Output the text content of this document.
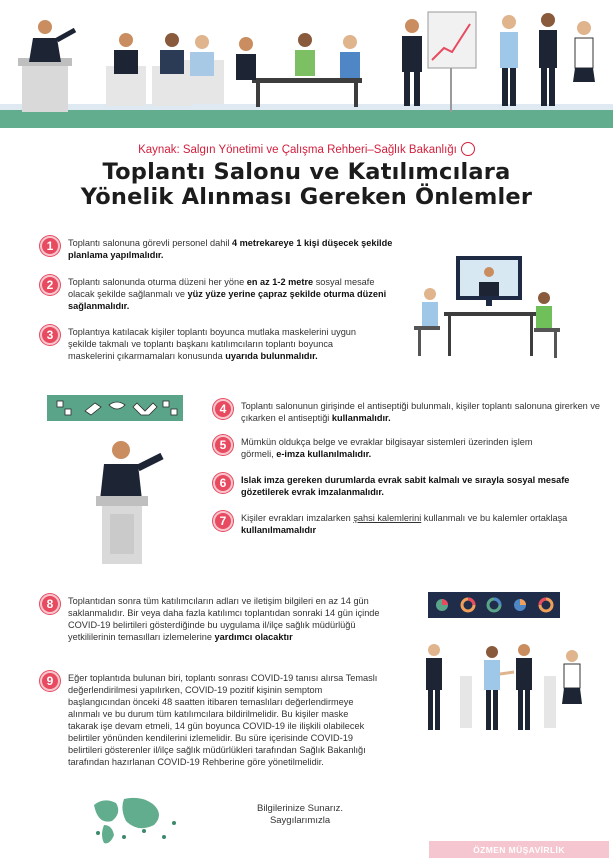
Kaynak: Salgın Yönetimi ve Çalışma Rehberi–Sağlık Bakanlığı
Toplantı Salonu ve Katılımcılara
Yönelik Alınması Gereken Önlemler
1	Toplantı salonuna görevli personel dahil 4 metrekareye 1 kişi düşecek şekilde planlama yapılmalıdır.
2	Toplantı salonunda oturma düzeni her yöne en az 1-2 metre sosyal mesafe olacak şekilde sağlanmalı ve yüz yüze yerine çapraz şekilde oturma düzeni sağlanmalıdır.
3	Toplantıya katılacak kişiler toplantı boyunca mutlaka maskelerini uygun şekilde takmalı ve toplantı başkanı katılımcıların toplantı boyunca maskelerini çıkarmamaları konusunda uyarıda bulunmalıdır.
4	Toplantı salonunun girişinde el antiseptiği bulunmalı, kişiler toplantı salonuna girerken ve çıkarken el antiseptiği kullanmalıdır.
5	Mümkün oldukça belge ve evraklar bilgisayar sistemleri üzerinden işlem görmeli, e-imza kullanılmalıdır.
6	Islak imza gereken durumlarda evrak sabit kalmalı ve sırayla sosyal mesafe gözetilerek evrak imzalanmalıdır.
7	Kişiler evrakları imzalarken şahsi kalemlerini kullanmalı ve bu kalemler ortaklaşa kullanılmamalıdır
8	Toplantıdan sonra tüm katılımcıların adları ve iletişim bilgileri en az 14 gün saklanmalıdır. Bir veya daha fazla katılımcı toplantıdan sonraki 14 gün içinde COVID-19 belirtileri gösterdiğinde bu uygulama il/ilçe sağlık müdürlüğü yetkililerinin temasılları izlemelerine yardımcı olacaktır
9	Eğer toplantıda bulunan biri, toplantı sonrası COVID-19 tanısı alırsa Temaslı değerlendirilmesi yapılırken, COVID-19 pozitif kişinin semptom başlangıcından önceki 48 saatten itibaren temaslıları değerlendirmeye alınmalı ve bu durum tüm katılımcılara bildirilmelidir. Bu kişiler maske takarak işe devam etmeli, 14 gün boyunca COVID-19 ile ilişkili olabilecek belirtiler yönünden kendilerini izlemelidir. Bu süre içerisinde COVID-19 belirtileri gösterenler il/ilçe sağlık müdürlükleri tarafından Sağlık Bakanlığı tarafından hazırlanan COVID-19 Rehberine göre yönetilmelidir.
Bilgilerinize Sunarız.
Saygılarımızla
ÖZMEN MÜŞAVİRLİK
